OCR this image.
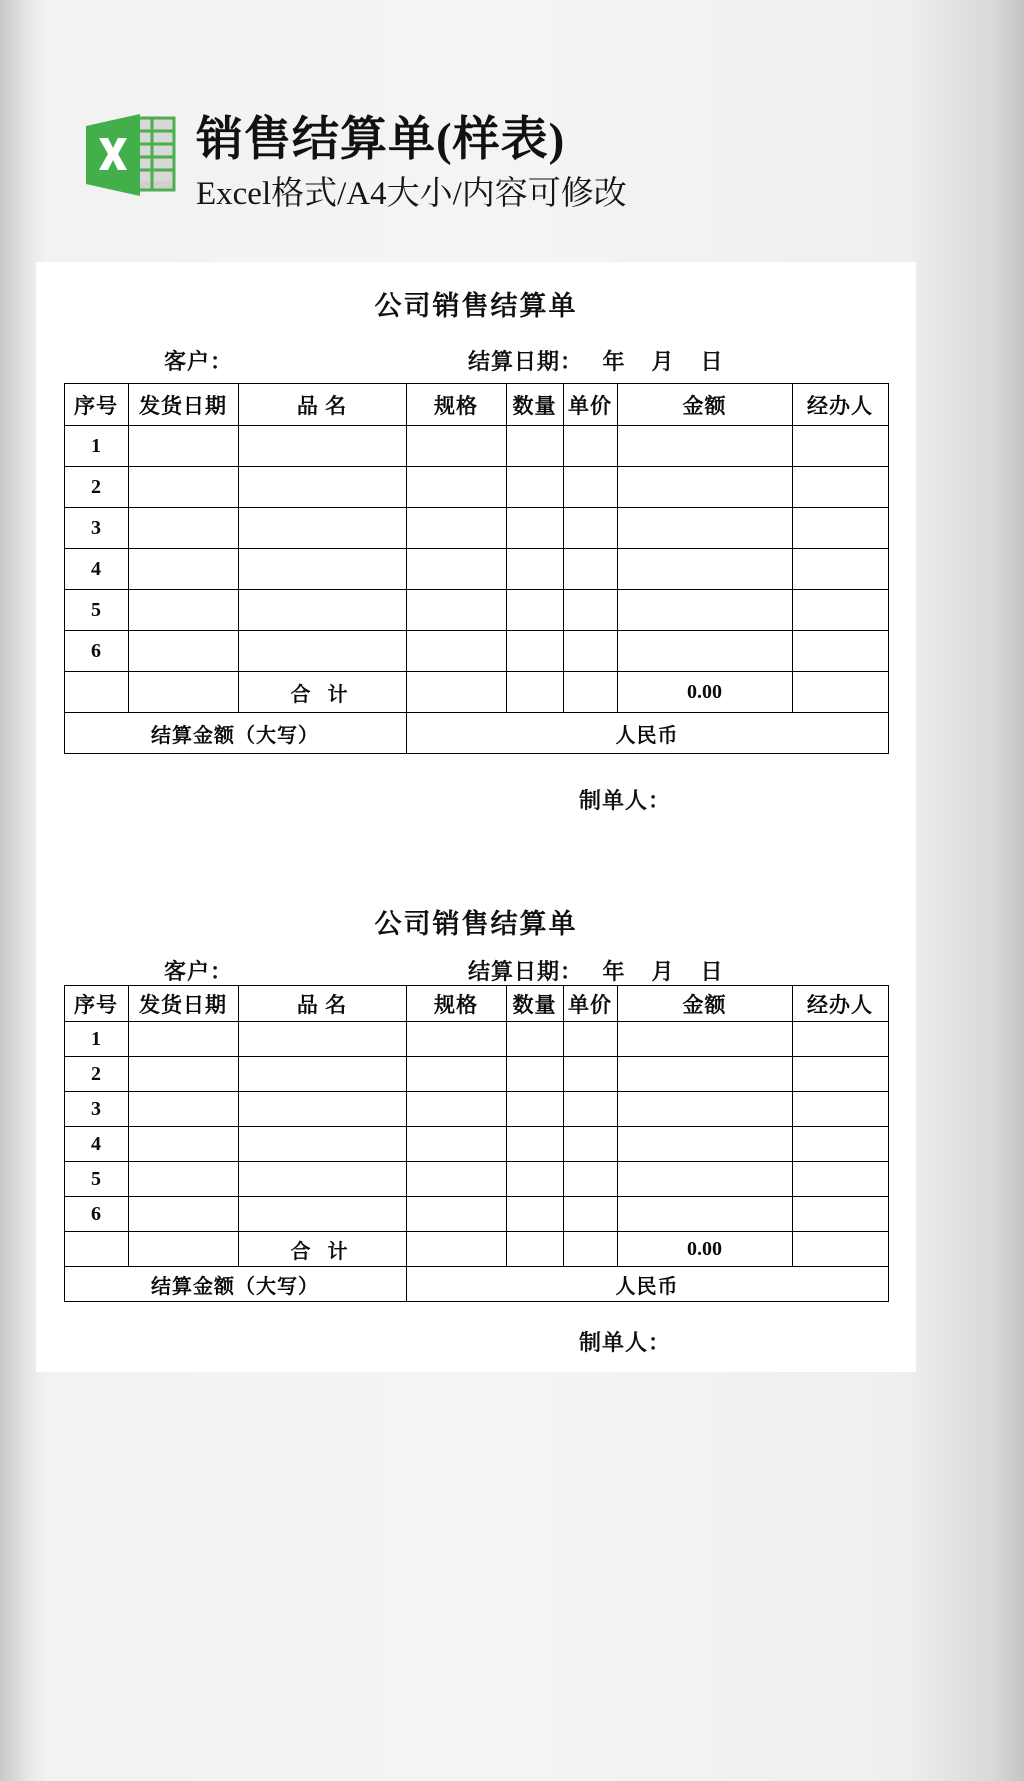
销售结算单(样表)
Excel格式/A4大小/内容可修改
公司销售结算单
客户：	结算日期：   年    月    日
序号	发货日期	品 名	规格	数量	单价	金额	经办人
1							
2							
3							
4							
5							
6							
		合 计				0.00	
结算金额（大写）			人民币				
制单人：
公司销售结算单
客户：	结算日期：   年    月    日
序号	发货日期	品 名	规格	数量	单价	金额	经办人
1							
2							
3							
4							
5							
6							
		合 计				0.00	
结算金额（大写）			人民币				
制单人：
